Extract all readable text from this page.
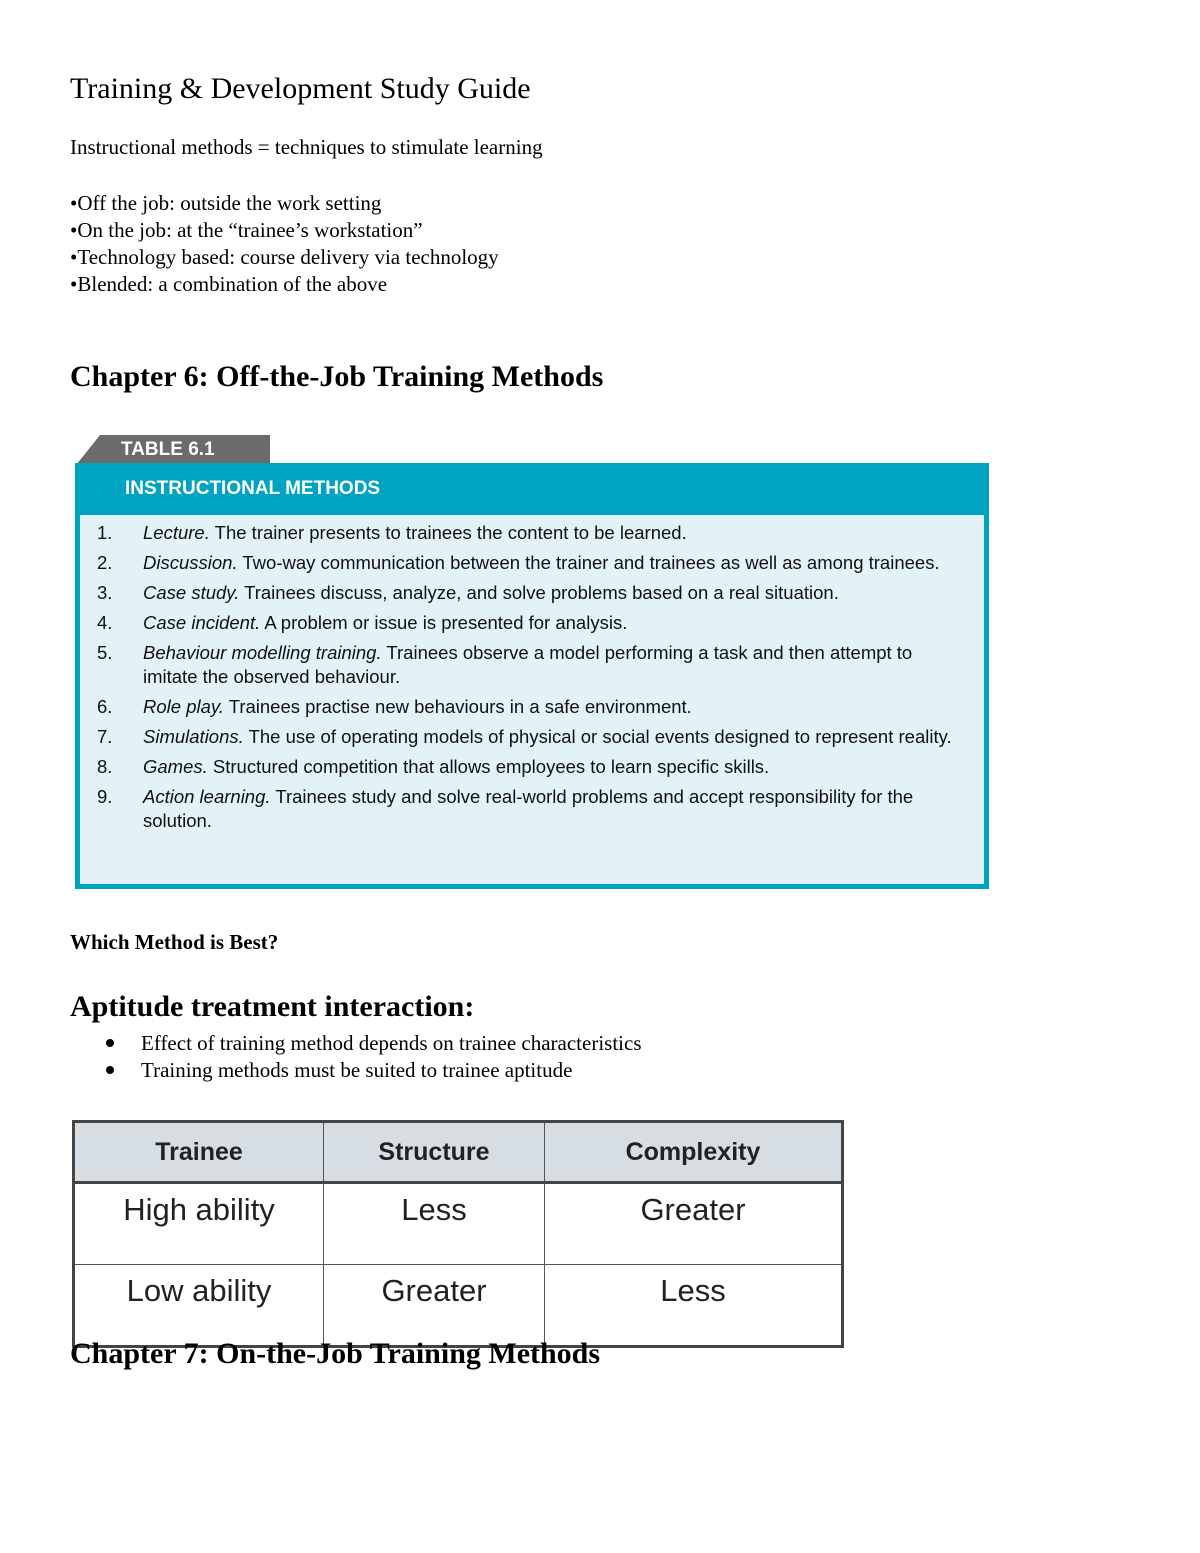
Training & Development Study Guide

Instructional methods = techniques to stimulate learning

•Off the job: outside the work setting
•On the job: at the “trainee’s workstation”
•Technology based: course delivery via technology
•Blended: a combination of the above
Chapter 6: Off-the-Job Training Methods
TABLE 6.1
INSTRUCTIONAL METHODS
1. Lecture. The trainer presents to trainees the content to be learned.
2. Discussion. Two-way communication between the trainer and trainees as well as among trainees.
3. Case study. Trainees discuss, analyze, and solve problems based on a real situation.
4. Case incident. A problem or issue is presented for analysis.
5. Behaviour modelling training. Trainees observe a model performing a task and then attempt to imitate the observed behaviour.
6. Role play. Trainees practise new behaviours in a safe environment.
7. Simulations. The use of operating models of physical or social events designed to represent reality.
8. Games. Structured competition that allows employees to learn specific skills.
9. Action learning. Trainees study and solve real-world problems and accept responsibility for the solution.
Which Method is Best?
Aptitude treatment interaction:
Effect of training method depends on trainee characteristics
Training methods must be suited to trainee aptitude
Trainee	Structure	Complexity
High ability	Less	Greater
Low ability	Greater	Less
Chapter 7: On-the-Job Training Methods
